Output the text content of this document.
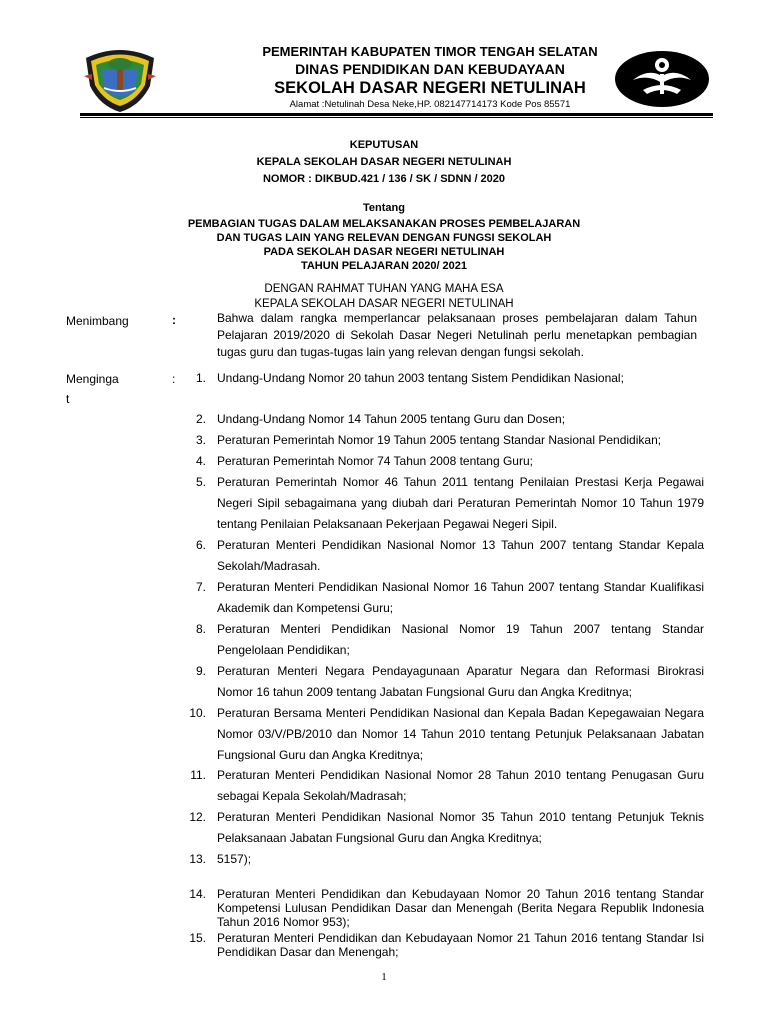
PEMERINTAH KABUPATEN TIMOR TENGAH SELATAN
DINAS PENDIDIKAN DAN KEBUDAYAAN
SEKOLAH DASAR NEGERI NETULINAH
Alamat :Netulinah Desa Neke,HP. 082147714173 Kode Pos 85571
KEPUTUSAN
KEPALA SEKOLAH DASAR NEGERI NETULINAH
NOMOR : DIKBUD.421 / 136 / SK / SDNN / 2020
Tentang
PEMBAGIAN TUGAS DALAM MELAKSANAKAN PROSES PEMBELAJARAN
DAN TUGAS LAIN YANG RELEVAN DENGAN FUNGSI SEKOLAH
PADA SEKOLAH DASAR NEGERI NETULINAH
TAHUN PELAJARAN 2020/ 2021
DENGAN RAHMAT TUHAN YANG MAHA ESA
KEPALA SEKOLAH DASAR NEGERI NETULINAH
Menimbang	:	Bahwa dalam rangka memperlancar pelaksanaan proses pembelajaran dalam Tahun Pelajaran 2019/2020 di Sekolah Dasar Negeri Netulinah perlu menetapkan pembagian tugas guru dan tugas-tugas lain yang relevan dengan fungsi sekolah.
Menginga
t
:	1. Undang-Undang Nomor 20 tahun 2003 tentang Sistem Pendidikan Nasional;
2. Undang-Undang Nomor 14 Tahun 2005 tentang Guru dan Dosen;
3. Peraturan Pemerintah Nomor 19 Tahun 2005 tentang Standar Nasional Pendidikan;
4. Peraturan Pemerintah Nomor 74 Tahun 2008 tentang Guru;
5. Peraturan Pemerintah Nomor 46 Tahun 2011 tentang Penilaian Prestasi Kerja Pegawai Negeri Sipil sebagaimana yang diubah dari Peraturan Pemerintah Nomor 10 Tahun 1979 tentang Penilaian Pelaksanaan Pekerjaan Pegawai Negeri Sipil.
6. Peraturan Menteri Pendidikan Nasional Nomor 13 Tahun 2007 tentang Standar Kepala Sekolah/Madrasah.
7. Peraturan Menteri Pendidikan Nasional Nomor 16 Tahun 2007 tentang Standar Kualifikasi Akademik dan Kompetensi Guru;
8. Peraturan Menteri Pendidikan Nasional Nomor 19 Tahun 2007 tentang Standar Pengelolaan Pendidikan;
9. Peraturan Menteri Negara Pendayagunaan Aparatur Negara dan Reformasi Birokrasi Nomor 16 tahun 2009 tentang Jabatan Fungsional Guru dan Angka Kreditnya;
10. Peraturan Bersama Menteri Pendidikan Nasional dan Kepala Badan Kepegawaian Negara Nomor 03/V/PB/2010 dan Nomor 14 Tahun 2010 tentang Petunjuk Pelaksanaan Jabatan Fungsional Guru dan Angka Kreditnya;
11. Peraturan Menteri Pendidikan Nasional Nomor 28 Tahun 2010 tentang Penugasan Guru sebagai Kepala Sekolah/Madrasah;
12. Peraturan Menteri Pendidikan Nasional Nomor 35 Tahun 2010 tentang Petunjuk Teknis Pelaksanaan Jabatan Fungsional Guru dan Angka Kreditnya;
13. 5157);
14. Peraturan Menteri Pendidikan dan Kebudayaan Nomor 20 Tahun 2016 tentang Standar Kompetensi Lulusan Pendidikan Dasar dan Menengah (Berita Negara Republik Indonesia Tahun 2016 Nomor 953);
15. Peraturan Menteri Pendidikan dan Kebudayaan Nomor 21 Tahun 2016 tentang Standar Isi Pendidikan Dasar dan Menengah;
1
